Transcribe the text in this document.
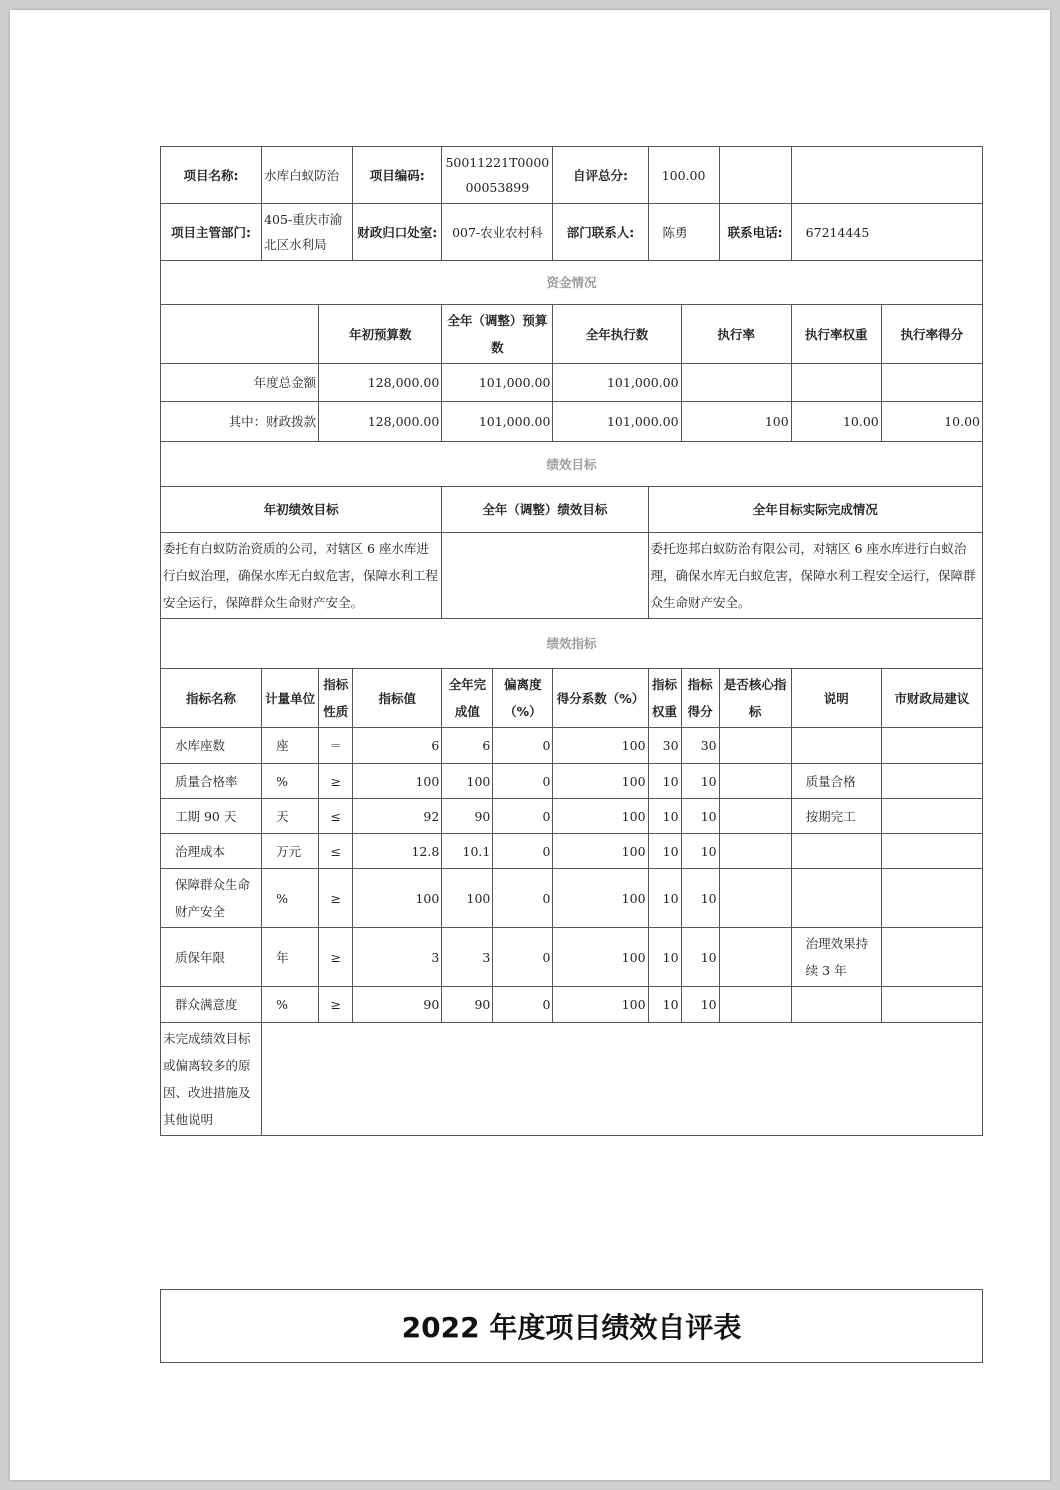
项目名称:	水库白蚁防治		项目编码:	50011221T000000053899		自评总分:	100.00				
项目主管部门:	405-重庆市渝北区水利局		财政归口处室:	007-农业农村科		部门联系人:	陈勇		联系电话:	67214445	
资金情况											
		年初预算数		全年（调整）预算数		全年执行数		执行率		执行率权重	执行率得分
年度总金额		128,000.00		101,000.00		101,000.00					
其中：财政拨款		128,000.00		101,000.00		101,000.00		100		10.00	10.00
绩效目标											
年初绩效目标				全年（调整）绩效目标			全年目标实际完成情况				
委托有白蚁防治资质的公司，对辖区 6 座水库进行白蚁治理，确保水库无白蚁危害，保障水利工程安全运行，保障群众生命财产安全。							委托迩邦白蚁防治有限公司，对辖区 6 座水库进行白蚁治理，确保水库无白蚁危害，保障水利工程安全运行，保障群众生命财产安全。				
绩效指标											
指标名称	计量单位	指标性质	指标值	全年完成值	偏离度（%）	得分系数（%）	指标权重	指标得分	是否核心指标	说明	市财政局建议
水库座数	座	＝	6	6	0	100	30	30			
质量合格率	%	≥	100	100	0	100	10	10		质量合格	
工期 90 天	天	≤	92	90	0	100	10	10		按期完工	
治理成本	万元	≤	12.8	10.1	0	100	10	10			
保障群众生命财产安全	%	≥	100	100	0	100	10	10			
质保年限	年	≥	3	3	0	100	10	10		治理效果持续 3 年	
群众满意度	%	≥	90	90	0	100	10	10			
未完成绩效目标或偏离较多的原因、改进措施及其他说明											
2022 年度项目绩效自评表
